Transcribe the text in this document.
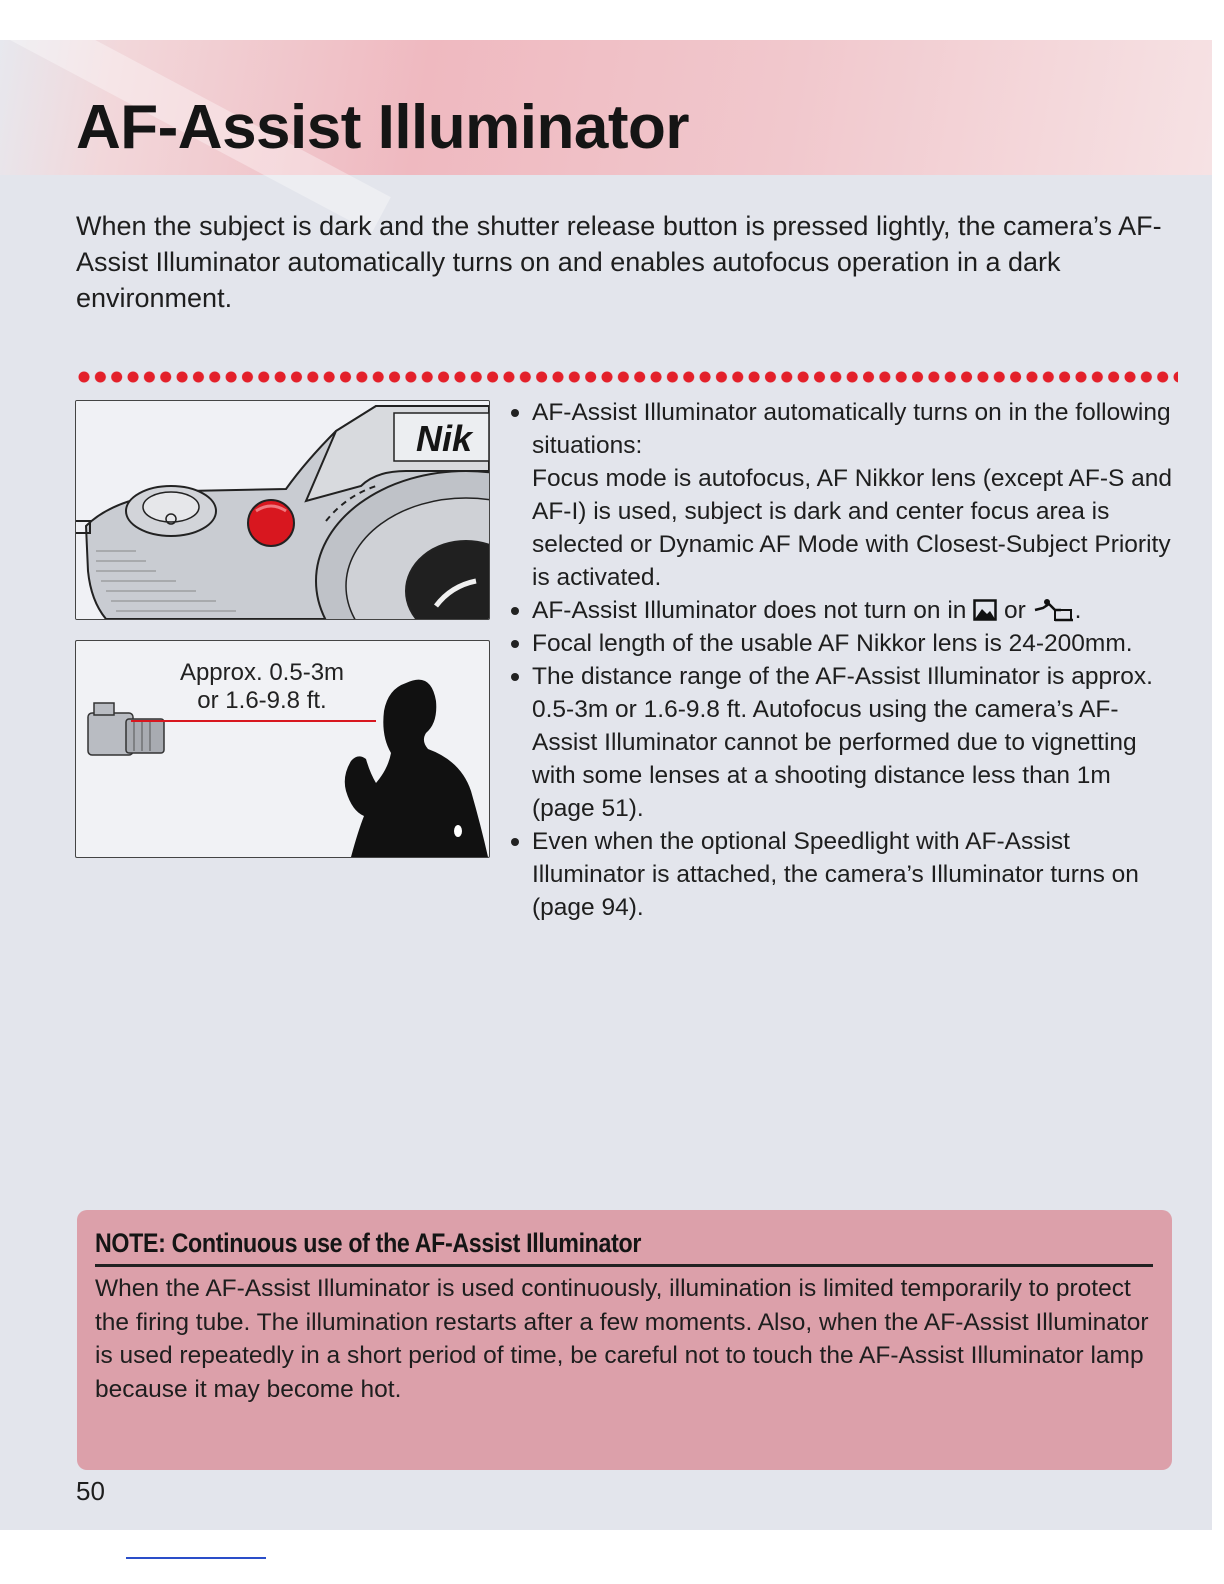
AF-Assist Illuminator

When the subject is dark and the shutter release button is pressed lightly, the camera’s AF-Assist Illuminator automatically turns on and enables autofocus operation in a dark environment.

Nik
Approx. 0.5-3m
or 1.6-9.8 ft.
AF-Assist Illuminator automatically turns on in the following situations:
Focus mode is autofocus, AF Nikkor lens (except AF-S and AF-I) is used, subject is dark and center focus area is selected or Dynamic AF Mode with Closest-Subject Priority is activated.
AF-Assist Illuminator does not turn on in or .
Focal length of the usable AF Nikkor lens is 24-200mm.
The distance range of the AF-Assist Illuminator is approx. 0.5-3m or 1.6-9.8 ft. Autofocus using the camera’s AF-Assist Illuminator cannot be performed due to vignetting with some lenses at a shooting distance less than 1m (page 51).
Even when the optional Speedlight with AF-Assist Illuminator is attached, the camera’s Illuminator turns on (page 94).
NOTE: Continuous use of the AF-Assist Illuminator

When the AF-Assist Illuminator is used continuously, illumination is limited temporarily to protect the firing tube. The illumination restarts after a few moments. Also, when the AF-Assist Illuminator is used repeatedly in a short period of time, be careful not to touch the AF-Assist Illuminator lamp because it may become hot.

50
